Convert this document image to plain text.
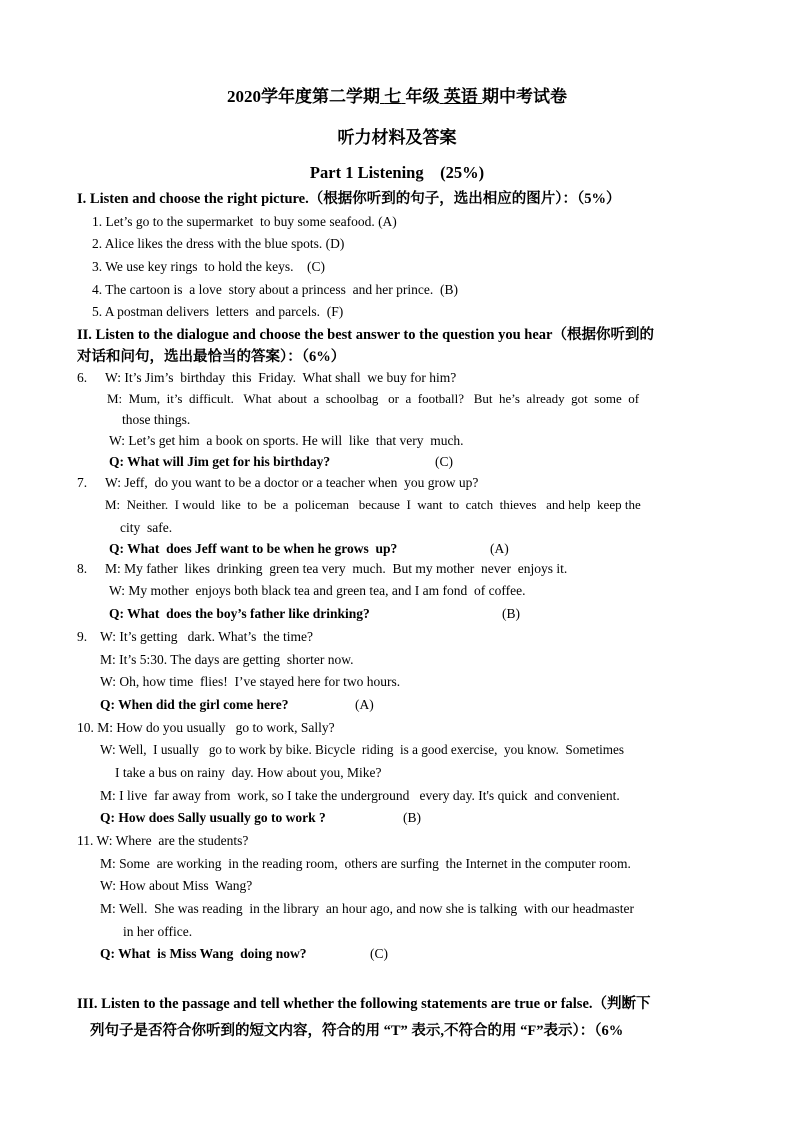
2020学年度第二学期 七 年级 英语 期中考试卷
听力材料及答案
Part 1 Listening    (25%)
I. Listen and choose the right picture.（根据你听到的句子，选出相应的图片）：（5%）
1. Let’s go to the supermarket  to buy some seafood. (A)
2. Alice likes the dress with the blue spots. (D)
3. We use key rings  to hold the keys.    (C)
4. The cartoon is  a love  story about a princess  and her prince.  (B)
5. A postman delivers  letters  and parcels.  (F)
II. Listen to the dialogue and choose the best answer to the question you hear（根据你听到的
对话和问句，选出最恰当的答案）：（6%）
6. W: It’s Jim’s  birthday  this  Friday.  What shall  we buy for him?
M:  Mum,  it’s  difficult.   What  about  a  schoolbag   or  a  football?   But  he’s  already  got  some  of
those things.
W: Let’s get him  a book on sports. He will  like  that very  much.
Q: What will Jim get for his birthday?	(C)
7. W: Jeff,  do you want to be a doctor or a teacher when  you grow up?
M:  Neither.  I would  like  to  be  a  policeman   because  I  want  to  catch  thieves   and help  keep the
city  safe.
Q: What  does Jeff want to be when he grows  up?	(A)
8. M: My father  likes  drinking  green tea very  much.  But my mother  never  enjoys it.
W: My mother  enjoys both black tea and green tea, and I am fond  of coffee.
Q: What  does the boy’s father like drinking?	(B)
9. W: It’s getting   dark. What’s  the time?
M: It’s 5:30. The days are getting  shorter now.
W: Oh, how time  flies!  I’ve stayed here for two hours.
Q: When did the girl come here?	(A)
10. M: How do you usually   go to work, Sally?
W: Well,  I usually   go to work by bike. Bicycle  riding  is a good exercise,  you know.  Sometimes
I take a bus on rainy  day. How about you, Mike?
M: I live  far away from  work, so I take the underground   every day. It's quick  and convenient.
Q: How does Sally usually go to work ?	(B)
11. W: Where  are the students?
M: Some  are working  in the reading room,  others are surfing  the Internet in the computer room.
W: How about Miss  Wang?
M: Well.  She was reading  in the library  an hour ago, and now she is talking  with our headmaster
in her office.
Q: What  is Miss Wang  doing now?	(C)
III. Listen to the passage and tell whether the following statements are true or false.（判断下
列句子是否符合你听到的短文内容，符合的用 “T” 表示,不符合的用 “F”表示）：（6%
